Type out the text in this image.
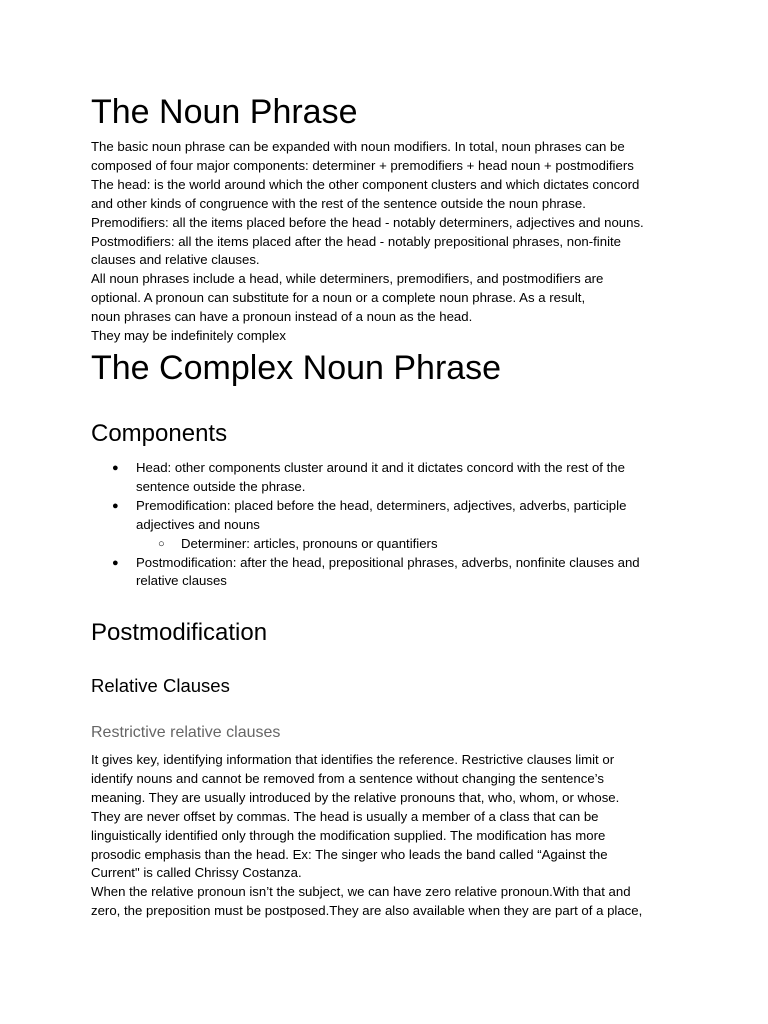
The Noun Phrase

The basic noun phrase can be expanded with noun modifiers. In total, noun phrases can be
composed of four major components: determiner + premodifiers + head noun + postmodifiers
The head: is the world around which the other component clusters and which dictates concord
and other kinds of congruence with the rest of the sentence outside the noun phrase.
Premodifiers: all the items placed before the head - notably determiners, adjectives and nouns.
Postmodifiers: all the items placed after the head - notably prepositional phrases, non-finite
clauses and relative clauses.
All noun phrases include a head, while determiners, premodifiers, and postmodifiers are
optional. A pronoun can substitute for a noun or a complete noun phrase. As a result,
noun phrases can have a pronoun instead of a noun as the head.
They may be indefinitely complex

The Complex Noun Phrase
Components
● Head: other components cluster around it and it dictates concord with the rest of the
sentence outside the phrase.
● Premodification: placed before the head, determiners, adjectives, adverbs, participle
adjectives and nouns
○ Determiner: articles, pronouns or quantifiers
● Postmodification: after the head, prepositional phrases, adverbs, nonfinite clauses and
relative clauses
Postmodification
Relative Clauses
Restrictive relative clauses

It gives key, identifying information that identifies the reference. Restrictive clauses limit or
identify nouns and cannot be removed from a sentence without changing the sentence’s
meaning. They are usually introduced by the relative pronouns that, who, whom, or whose.
They are never offset by commas. The head is usually a member of a class that can be
linguistically identified only through the modification supplied. The modification has more
prosodic emphasis than the head. Ex: The singer who leads the band called “Against the
Current" is called Chrissy Costanza.
When the relative pronoun isn’t the subject, we can have zero relative pronoun.With that and
zero, the preposition must be postposed.They are also available when they are part of a place,
